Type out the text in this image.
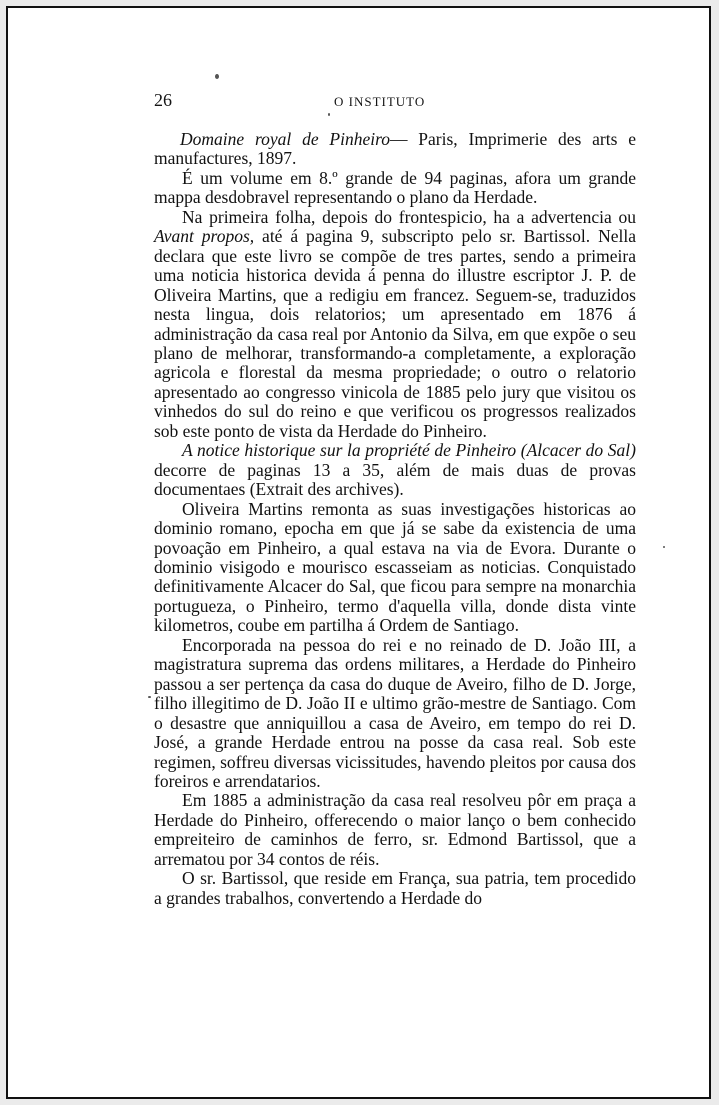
26	O INSTITUTO

Domaine royal de Pinheiro— Paris, Imprimerie des arts e manufactures, 1897.

É um volume em 8.º grande de 94 paginas, afora um grande mappa desdobravel representando o plano da Herdade.

Na primeira folha, depois do frontespicio, ha a advertencia ou Avant propos, até á pagina 9, subscripto pelo sr. Bartissol. Nella declara que este livro se compõe de tres partes, sendo a primeira uma noticia historica devida á penna do illustre escriptor J. P. de Oliveira Martins, que a redigiu em francez. Seguem-se, traduzidos nesta lingua, dois relatorios; um apresentado em 1876 á administração da casa real por Antonio da Silva, em que expõe o seu plano de melhorar, transformando-a completamente, a exploração agricola e florestal da mesma propriedade; o outro o relatorio apresentado ao congresso vinicola de 1885 pelo jury que visitou os vinhedos do sul do reino e que verificou os progressos realizados sob este ponto de vista da Herdade do Pinheiro.

A notice historique sur la propriété de Pinheiro (Alcacer do Sal) decorre de paginas 13 a 35, além de mais duas de provas documentaes (Extrait des archives).

Oliveira Martins remonta as suas investigações historicas ao dominio romano, epocha em que já se sabe da existencia de uma povoação em Pinheiro, a qual estava na via de Evora. Durante o dominio visigodo e mourisco escasseiam as noticias. Conquistado definitivamente Alcacer do Sal, que ficou para sempre na monarchia portugueza, o Pinheiro, termo d'aquella villa, donde dista vinte kilometros, coube em partilha á Ordem de Santiago.

Encorporada na pessoa do rei e no reinado de D. João III, a magistratura suprema das ordens militares, a Herdade do Pinheiro passou a ser pertença da casa do duque de Aveiro, filho de D. Jorge, filho illegitimo de D. João II e ultimo grão-mestre de Santiago. Com o desastre que anniquillou a casa de Aveiro, em tempo do rei D. José, a grande Herdade entrou na posse da casa real. Sob este regimen, soffreu diversas vicissitudes, havendo pleitos por causa dos foreiros e arrendatarios.

Em 1885 a administração da casa real resolveu pôr em praça a Herdade do Pinheiro, offerecendo o maior lanço o bem conhecido empreiteiro de caminhos de ferro, sr. Edmond Bartissol, que a arrematou por 34 contos de réis.

O sr. Bartissol, que reside em França, sua patria, tem procedido a grandes trabalhos, convertendo a Herdade do
